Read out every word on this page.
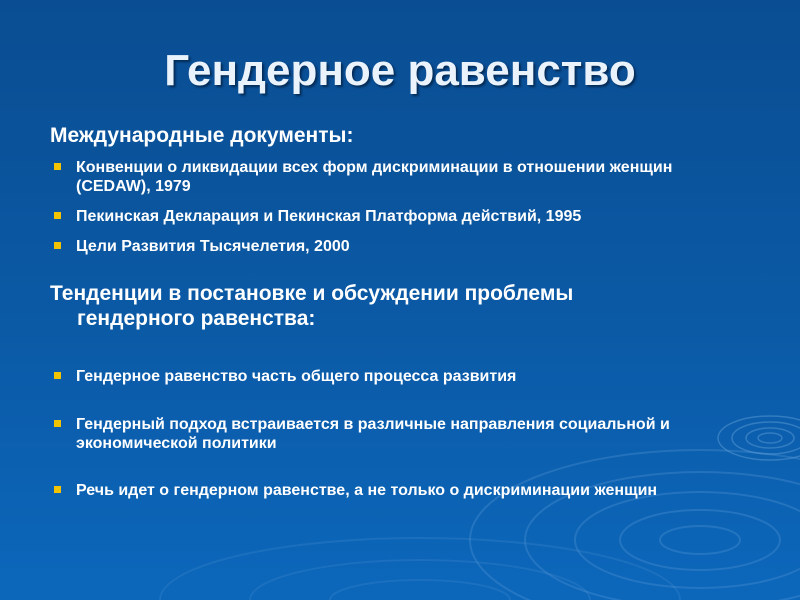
Гендерное равенство
Международные документы:
Конвенции о ликвидации всех форм дискриминации в отношении женщин (CEDAW), 1979
Пекинская Декларация и Пекинская Платформа действий, 1995
Цели Развития Тысячелетия, 2000
Тенденции в постановке и обсуждении проблемы
гендерного равенства:
Гендерное равенство часть общего процесса развития
Гендерный подход встраивается в различные направления социальной и экономической политики
Речь идет о гендерном равенстве, а не только о дискриминации женщин
